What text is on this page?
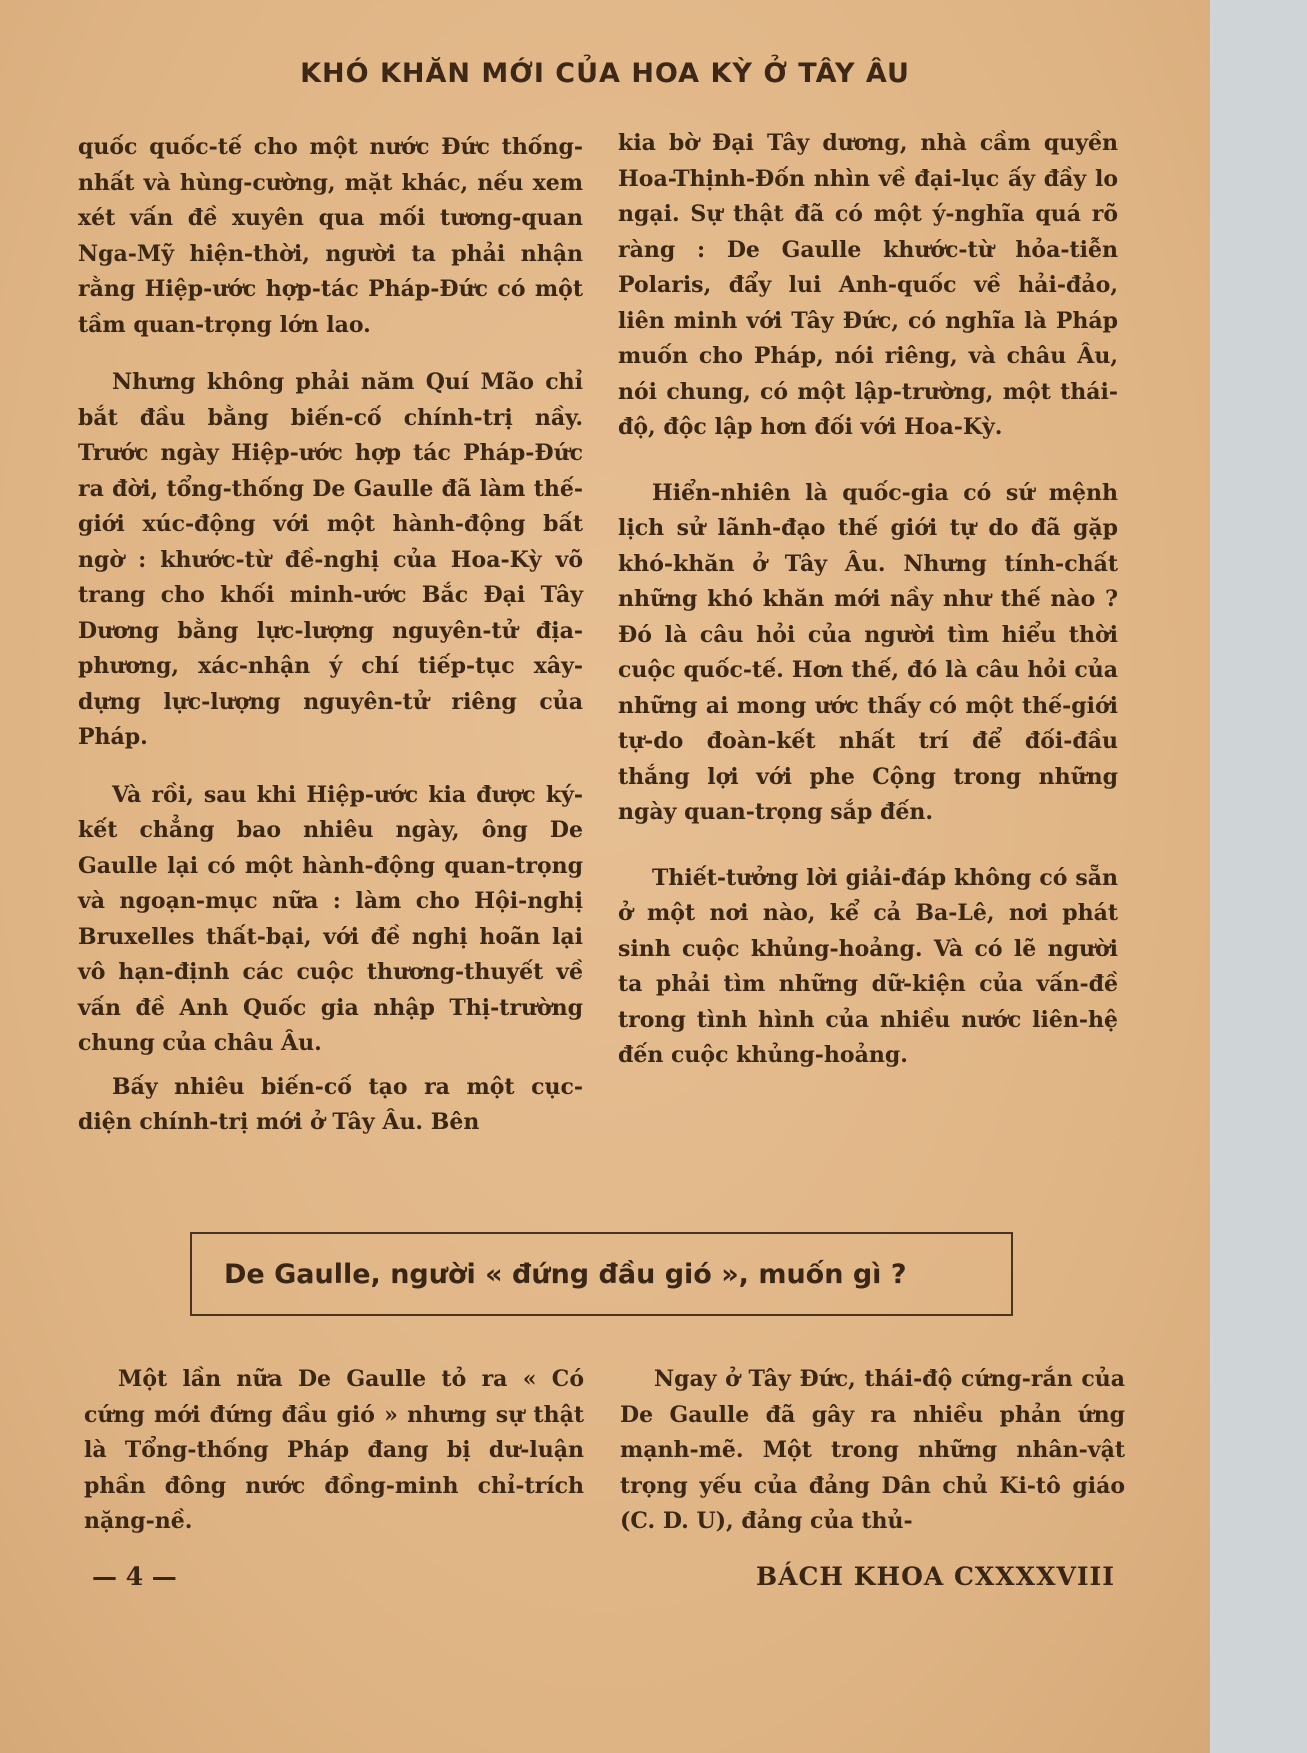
KHÓ KHĂN MỚI CỦA HOA KỲ Ở TÂY ÂU

quốc quốc-tế cho một nước Đức thống-nhất và hùng-cường, mặt khác, nếu xem xét vấn đề xuyên qua mối tương-quan Nga-Mỹ hiện-thời, người ta phải nhận rằng Hiệp-ước hợp-tác Pháp-Đức có một tầm quan-trọng lớn lao.

Nhưng không phải năm Quí Mão chỉ bắt đầu bằng biến-cố chính-trị nầy. Trước ngày Hiệp-ước hợp tác Pháp-Đức ra đời, tổng-thống De Gaulle đã làm thế-giới xúc-động với một hành-động bất ngờ : khước-từ đề-nghị của Hoa-Kỳ võ trang cho khối minh-ước Bắc Đại Tây Dương bằng lực-lượng nguyên-tử địa-phương, xác-nhận ý chí tiếp-tục xây-dựng lực-lượng nguyên-tử riêng của Pháp.

Và rồi, sau khi Hiệp-ước kia được ký-kết chẳng bao nhiêu ngày, ông De Gaulle lại có một hành-động quan-trọng và ngoạn-mục nữa : làm cho Hội-nghị Bruxelles thất-bại, với đề nghị hoãn lại vô hạn-định các cuộc thương-thuyết về vấn đề Anh Quốc gia nhập Thị-trường chung của châu Âu.

Bấy nhiêu biến-cố tạo ra một cục-diện chính-trị mới ở Tây Âu. Bên

kia bờ Đại Tây dương, nhà cầm quyền Hoa-Thịnh-Đốn nhìn về đại-lục ấy đầy lo ngại. Sự thật đã có một ý-nghĩa quá rõ ràng : De Gaulle khước-từ hỏa-tiễn Polaris, đẩy lui Anh-quốc về hải-đảo, liên minh với Tây Đức, có nghĩa là Pháp muốn cho Pháp, nói riêng, và châu Âu, nói chung, có một lập-trường, một thái-độ, độc lập hơn đối với Hoa-Kỳ.

Hiển-nhiên là quốc-gia có sứ mệnh lịch sử lãnh-đạo thế giới tự do đã gặp khó-khăn ở Tây Âu. Nhưng tính-chất những khó khăn mới nầy như thế nào ? Đó là câu hỏi của người tìm hiểu thời cuộc quốc-tế. Hơn thế, đó là câu hỏi của những ai mong ước thấy có một thế-giới tự-do đoàn-kết nhất trí để đối-đầu thắng lợi với phe Cộng trong những ngày quan-trọng sắp đến.

Thiết-tưởng lời giải-đáp không có sẵn ở một nơi nào, kể cả Ba-Lê, nơi phát sinh cuộc khủng-hoảng. Và có lẽ người ta phải tìm những dữ-kiện của vấn-đề trong tình hình của nhiều nước liên-hệ đến cuộc khủng-hoảng.

De Gaulle, người « đứng đầu gió », muốn gì ?

Một lần nữa De Gaulle tỏ ra « Có cứng mới đứng đầu gió » nhưng sự thật là Tổng-thống Pháp đang bị dư-luận phần đông nước đồng-minh chỉ-trích nặng-nề.

Ngay ở Tây Đức, thái-độ cứng-rắn của De Gaulle đã gây ra nhiều phản ứng mạnh-mẽ. Một trong những nhân-vật trọng yếu của đảng Dân chủ Ki-tô giáo (C. D. U), đảng của thủ-

— 4 —	BÁCH KHOA CXXXXVIII
